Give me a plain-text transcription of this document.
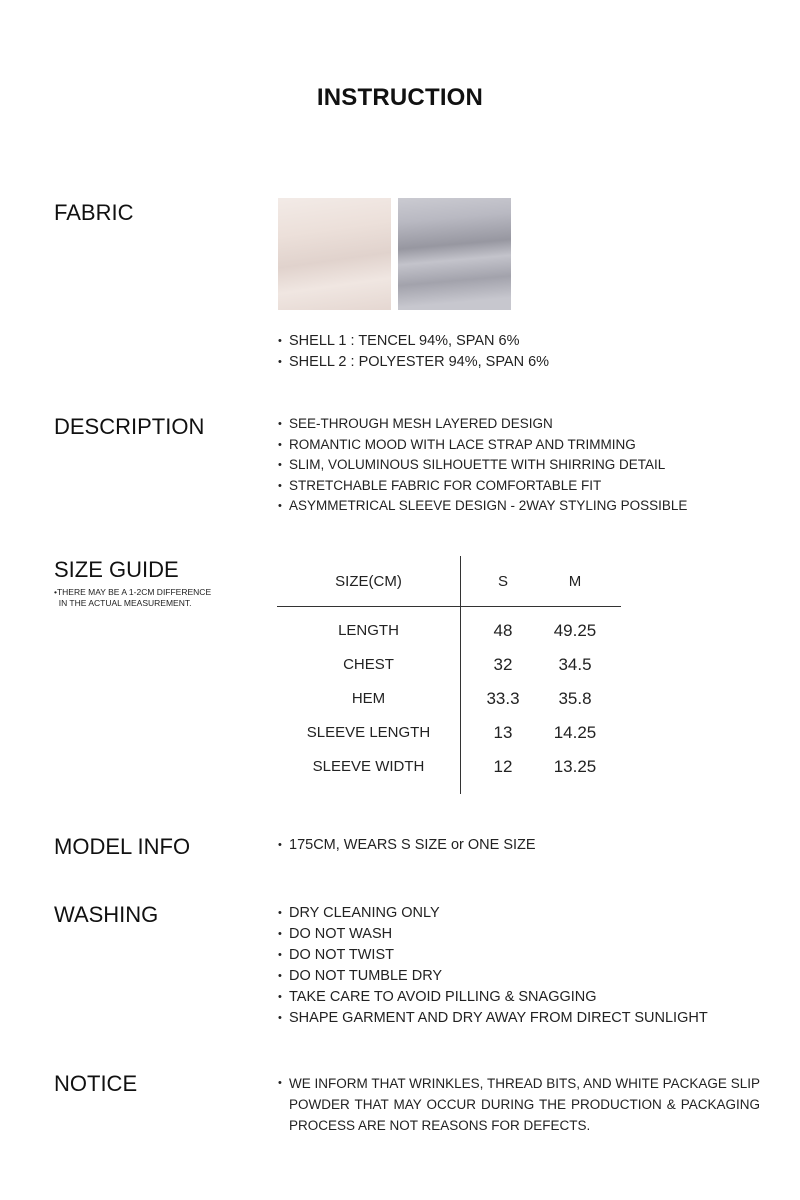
INSTRUCTION
FABRIC
• SHELL 1 : TENCEL 94%, SPAN 6%
• SHELL 2 : POLYESTER 94%, SPAN 6%
DESCRIPTION	• SEE-THROUGH MESH LAYERED DESIGN
• ROMANTIC MOOD WITH LACE STRAP AND TRIMMING
• SLIM, VOLUMINOUS SILHOUETTE WITH SHIRRING DETAIL
• STRETCHABLE FABRIC FOR COMFORTABLE FIT
• ASYMMETRICAL SLEEVE DESIGN - 2WAY STYLING POSSIBLE
SIZE GUIDE
•THERE MAY BE A 1-2CM DIFFERENCE
IN THE ACTUAL MEASUREMENT.
SIZE(CM)	S	M
LENGTH	48	49.25
CHEST	32	34.5
HEM	33.3	35.8
SLEEVE LENGTH	13	14.25
SLEEVE WIDTH	12	13.25
MODEL INFO	• 175CM, WEARS S SIZE or ONE SIZE
WASHING	• DRY CLEANING ONLY
• DO NOT WASH
• DO NOT TWIST
• DO NOT TUMBLE DRY
• TAKE CARE TO AVOID PILLING & SNAGGING
• SHAPE GARMENT AND DRY AWAY FROM DIRECT SUNLIGHT
NOTICE	• WE INFORM THAT WRINKLES, THREAD BITS, AND WHITE PACKAGE SLIP POWDER THAT MAY OCCUR DURING THE PRODUCTION & PACKAGING PROCESS ARE NOT REASONS FOR DEFECTS.
